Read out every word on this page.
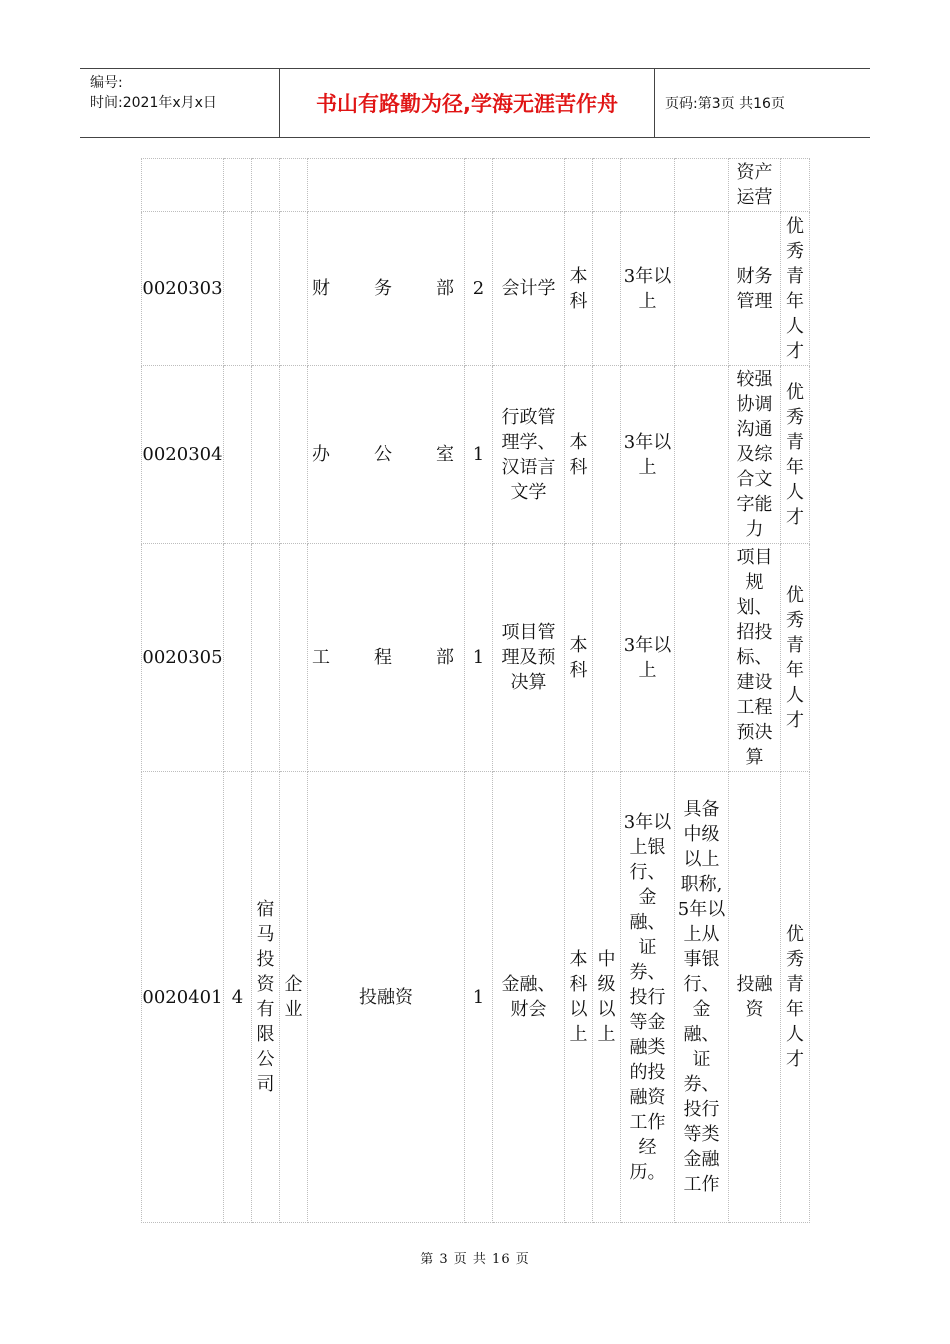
编号:
时间:2021年x月x日	书山有路勤为径,学海无涯苦作舟	页码:第3页 共16页
											资产运营	
0020303				财 务 部	2	会计学	本科		3年以上		财务管理	优秀青年人才
0020304				办 公 室	1	行政管理学、汉语言文学	本科		3年以上		较强协调沟通及综合文字能力	优秀青年人才
0020305				工 程 部	1	项目管理及预决算	本科		3年以上		项目规划、招投标、建设工程预决算	优秀青年人才
0020401	4	宿马投资有限公司	企业	投融资	1	金融、财会	本科以上	中级以上	3年以上银行、金融、证券、投行等金融类的投融资工作经历。	具备中级以上职称,5年以上从事银行、金融、证券、投行等类金融工作	投融资	优秀青年人才
第 3 页 共 16 页
